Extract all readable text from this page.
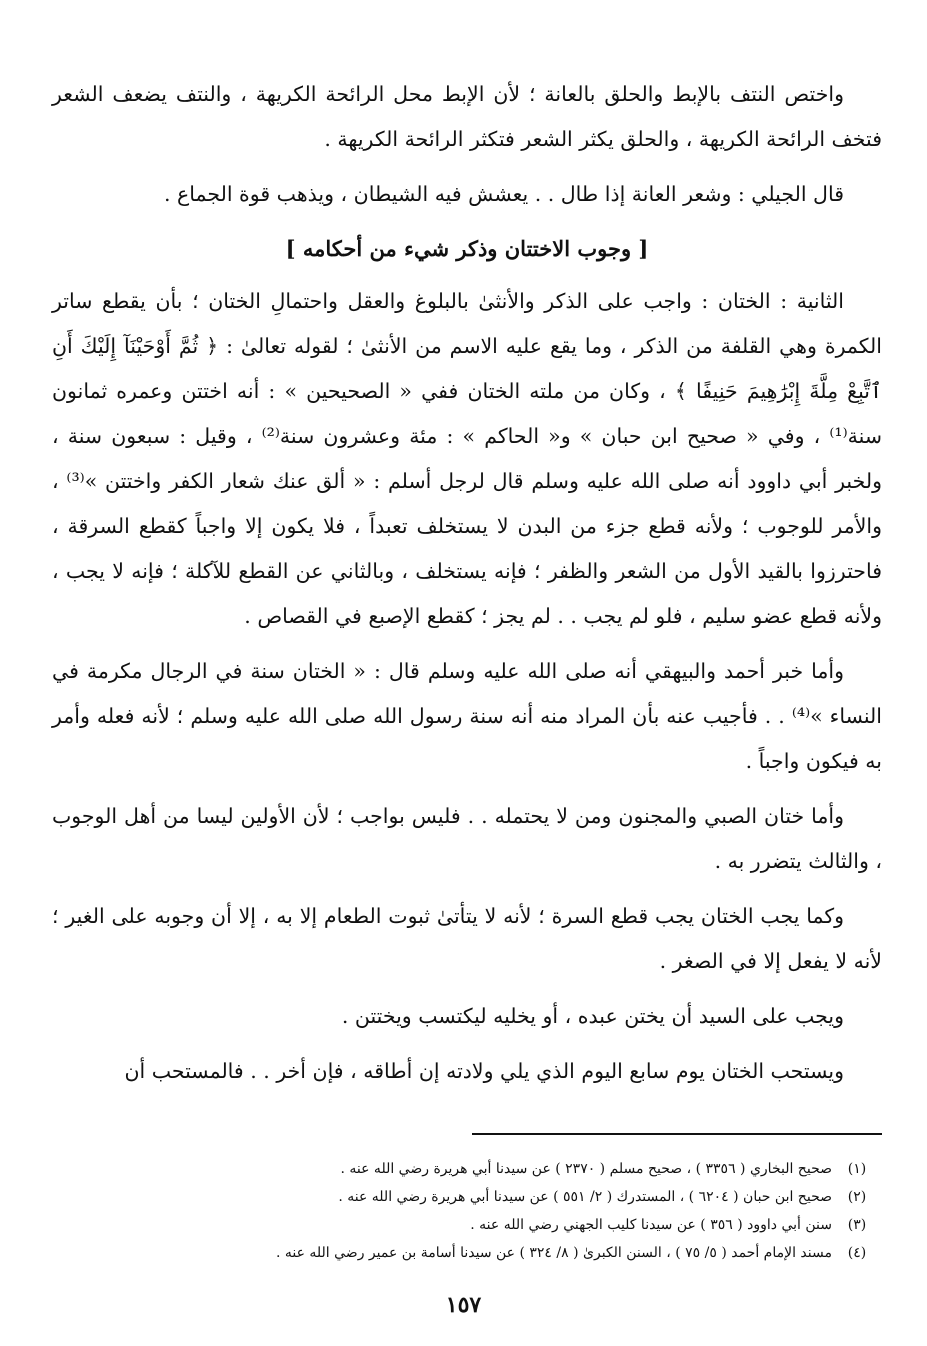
واختص النتف بالإبط والحلق بالعانة ؛ لأن الإبط محل الرائحة الكريهة ، والنتف يضعف الشعر فتخف الرائحة الكريهة ، والحلق يكثر الشعر فتكثر الرائحة الكريهة .

قال الجيلي : وشعر العانة إذا طال . . يعشش فيه الشيطان ، ويذهب قوة الجماع .

[ وجوب الاختتان وذكر شيء من أحكامه ]

الثانية : الختان : واجب على الذكر والأنثىٰ بالبلوغ والعقل واحتمالِ الختان ؛ بأن يقطع ساتر الكمرة وهي القلفة من الذكر ، وما يقع عليه الاسم من الأنثىٰ ؛ لقوله تعالىٰ : ﴿ ثُمَّ أَوْحَيْنَآ إِلَيْكَ أَنِ ٱتَّبِعْ مِلَّةَ إِبْرَٰهِيمَ حَنِيفًا ﴾ ، وكان من ملته الختان ففي « الصحيحين » : أنه اختتن وعمره ثمانون سنة⁽¹⁾ ، وفي « صحيح ابن حبان » و« الحاكم » : مئة وعشرون سنة⁽²⁾ ، وقيل : سبعون سنة ، ولخبر أبي داوود أنه صلى الله عليه وسلم قال لرجل أسلم : « ألق عنك شعار الكفر واختتن »⁽³⁾ ، والأمر للوجوب ؛ ولأنه قطع جزء من البدن لا يستخلف تعبداً ، فلا يكون إلا واجباً كقطع السرقة ، فاحترزوا بالقيد الأول من الشعر والظفر ؛ فإنه يستخلف ، وبالثاني عن القطع للآكلة ؛ فإنه لا يجب ، ولأنه قطع عضو سليم ، فلو لم يجب . . لم يجز ؛ كقطع الإصبع في القصاص .

وأما خبر أحمد والبيهقي أنه صلى الله عليه وسلم قال : « الختان سنة في الرجال مكرمة في النساء »⁽⁴⁾ . . فأجيب عنه بأن المراد منه أنه سنة رسول الله صلى الله عليه وسلم ؛ لأنه فعله وأمر به فيكون واجباً .

وأما ختان الصبي والمجنون ومن لا يحتمله . . فليس بواجب ؛ لأن الأولين ليسا من أهل الوجوب ، والثالث يتضرر به .

وكما يجب الختان يجب قطع السرة ؛ لأنه لا يتأتىٰ ثبوت الطعام إلا به ، إلا أن وجوبه على الغير ؛ لأنه لا يفعل إلا في الصغر .

ويجب على السيد أن يختن عبده ، أو يخليه ليكتسب ويختتن .

ويستحب الختان يوم سابع اليوم الذي يلي ولادته إن أطاقه ، فإن أخر . . فالمستحب أن

(١)
صحيح البخاري ( ٣٣٥٦ ) ، صحيح مسلم ( ٢٣٧٠ ) عن سيدنا أبي هريرة رضي الله عنه .
(٢)
صحيح ابن حبان ( ٦٢٠٤ ) ، المستدرك ( ٢/ ٥٥١ ) عن سيدنا أبي هريرة رضي الله عنه .
(٣)
سنن أبي داوود ( ٣٥٦ ) عن سيدنا كليب الجهني رضي الله عنه .
(٤)
مسند الإمام أحمد ( ٥/ ٧٥ ) ، السنن الكبرىٰ ( ٨/ ٣٢٤ ) عن سيدنا أسامة بن عمير رضي الله عنه .
١٥٧
